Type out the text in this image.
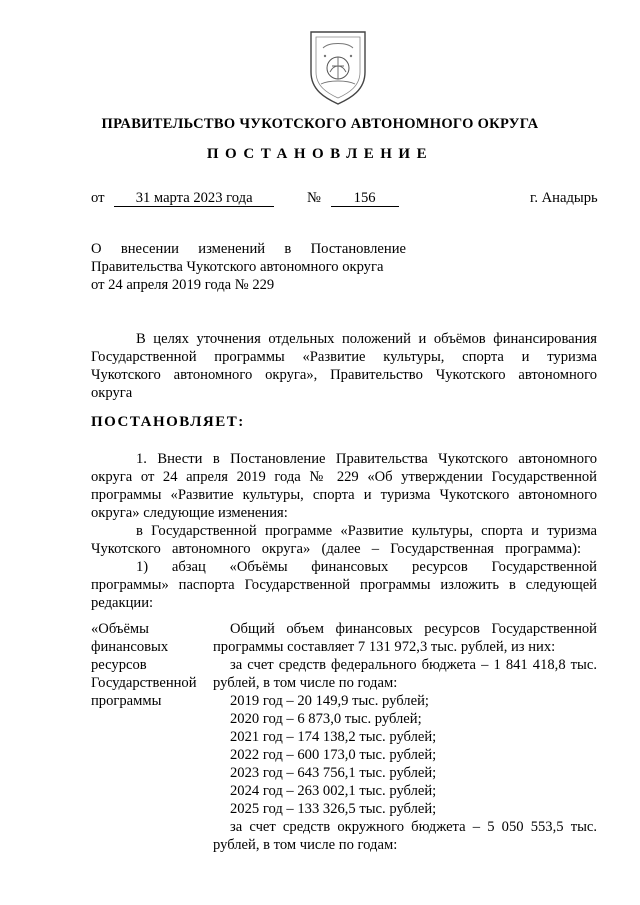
ПРАВИТЕЛЬСТВО ЧУКОТСКОГО АВТОНОМНОГО ОКРУГА
ПОСТАНОВЛЕНИЕ
от 31 марта 2023 года	№ 156	г. Анадырь
О внесении изменений в Постановление
Правительства Чукотского автономного округа
от 24 апреля 2019 года № 229
В целях уточнения отдельных положений и объёмов финансирования
Государственной программы «Развитие культуры, спорта и туризма
Чукотского автономного округа», Правительство Чукотского автономного
округа
ПОСТАНОВЛЯЕТ:
1. Внести в Постановление Правительства Чукотского автономного
округа от 24 апреля 2019 года № 229 «Об утверждении Государственной
программы «Развитие культуры, спорта и туризма Чукотского автономного
округа» следующие изменения:
в Государственной программе «Развитие культуры, спорта и туризма
Чукотского автономного округа» (далее – Государственная программа):
1) абзац «Объёмы финансовых ресурсов Государственной
программы» паспорта Государственной программы изложить в следующей
редакции:
«Объёмы
финансовых
ресурсов
Государственной
программы
Общий объем финансовых ресурсов Государственной
программы составляет 7 131 972,3 тыс. рублей, из них:
за счет средств федерального бюджета – 1 841 418,8 тыс.
рублей, в том числе по годам:
2019 год – 20 149,9 тыс. рублей;
2020 год – 6 873,0 тыс. рублей;
2021 год – 174 138,2 тыс. рублей;
2022 год – 600 173,0 тыс. рублей;
2023 год – 643 756,1 тыс. рублей;
2024 год – 263 002,1 тыс. рублей;
2025 год – 133 326,5 тыс. рублей;
за счет средств окружного бюджета – 5 050 553,5 тыс.
рублей, в том числе по годам:
